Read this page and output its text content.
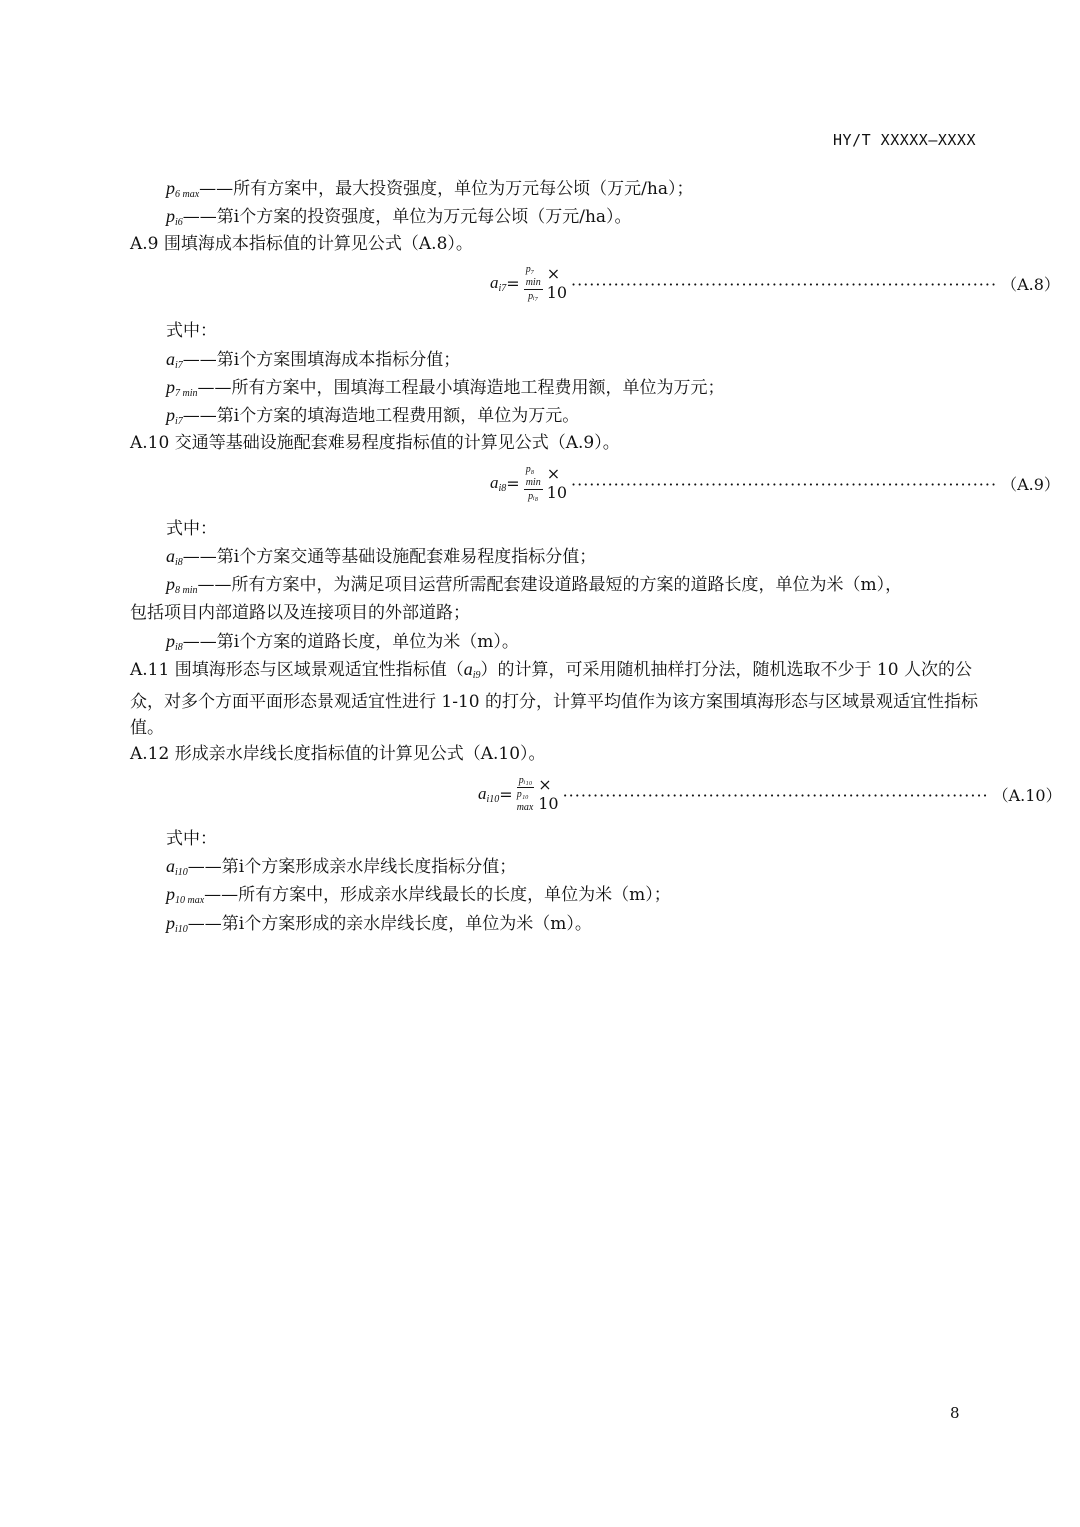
HY/T XXXXX—XXXX
$p_{6 max}——$所有方案中，最大投资强度，单位为万元每公顷（万元/ha）；
$p_{i6}——$第i个方案的投资强度，单位为万元每公顷（万元/ha）。
A.9 围填海成本指标值的计算见公式（A.8）。
$a_{i7} = \frac{\text{p₇ min}}{\text{pᵢ₇}} \times 10$ ······································································ （A.8）
式中：
$a_{i7}——$第i个方案围填海成本指标分值；
$p_{7 min}——$所有方案中，围填海工程最小填海造地工程费用额，单位为万元；
$p_{i7}——$第i个方案的填海造地工程费用额，单位为万元。
A.10 交通等基础设施配套难易程度指标值的计算见公式（A.9）。
$a_{i8} = \frac{\text{p₈ min}}{\text{pᵢ₈}} \times 10$ ······································································ （A.9）
式中：
$a_{i8}——$第i个方案交通等基础设施配套难易程度指标分值；
$p_{8 min}——$所有方案中，为满足项目运营所需配套建设道路最短的方案的道路长度，单位为米（m），
包括项目内部道路以及连接项目的外部道路；
$p_{i8}——$第i个方案的道路长度，单位为米（m）。
A.11 围填海形态与区域景观适宜性指标值$(a_{i9})$的计算，可采用随机抽样打分法，随机选取不少于 10 人次的公众，对多个方面平面形态景观适宜性进行 1-10 的打分，计算平均值作为该方案围填海形态与区域景观适宜性指标值。
A.12 形成亲水岸线长度指标值的计算见公式（A.10）。
$a_{i10} = \frac{\text{pᵢ₁₀}}{\text{p₁₀ max}} \times 10$ ······································································ （A.10）
式中：
$a_{i10}——$第i个方案形成亲水岸线长度指标分值；
$p_{10 max}——$所有方案中，形成亲水岸线最长的长度，单位为米（m）；
$p_{i10}——$第i个方案形成的亲水岸线长度，单位为米（m）。
8
